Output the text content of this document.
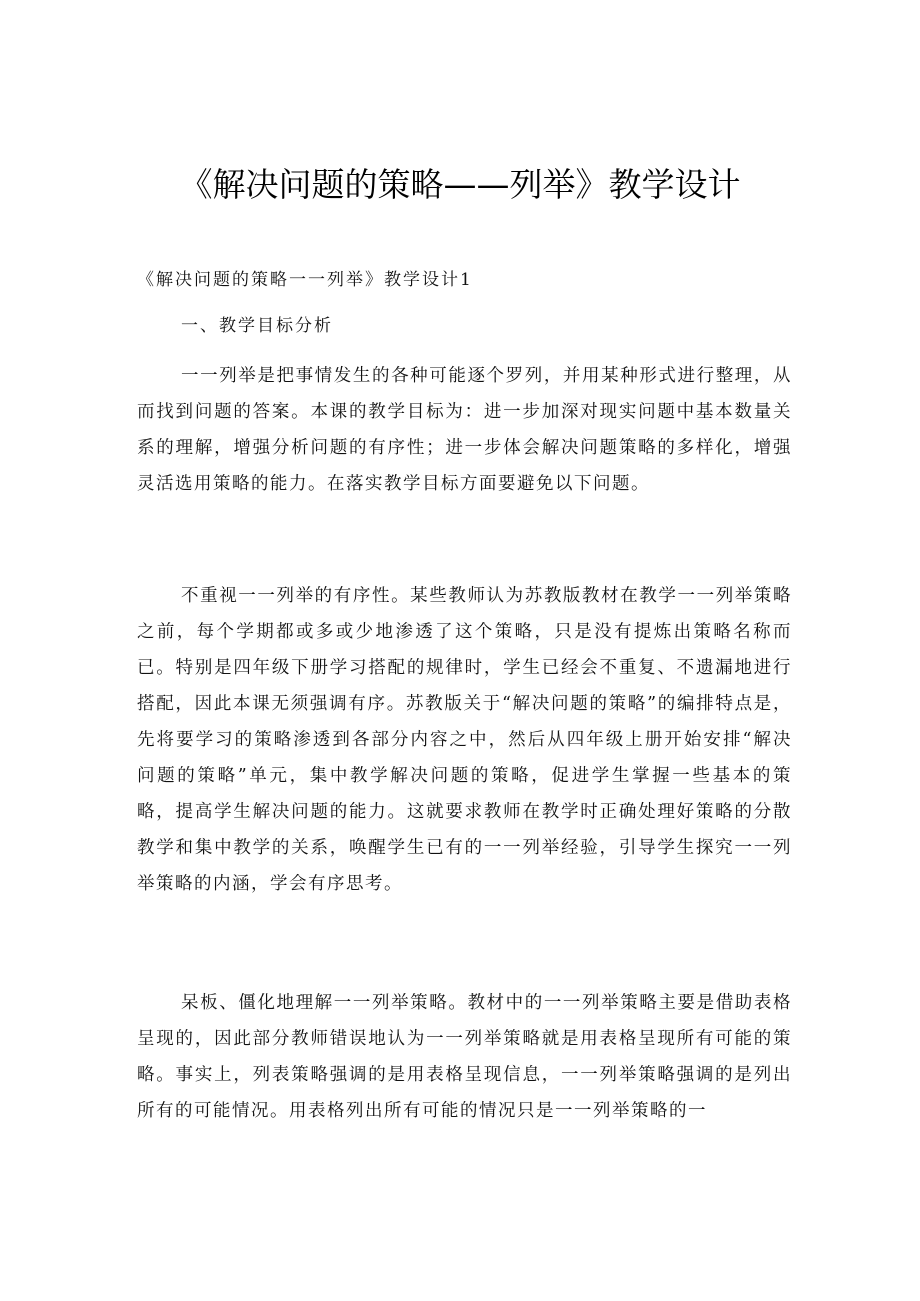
《解决问题的策略——列举》教学设计

《解决问题的策略一一列举》教学设计1

一、教学目标分析

一一列举是把事情发生的各种可能逐个罗列，并用某种形式进行整理，从而找到问题的答案。本课的教学目标为：进一步加深对现实问题中基本数量关系的理解，增强分析问题的有序性；进一步体会解决问题策略的多样化，增强灵活选用策略的能力。在落实教学目标方面要避免以下问题。

不重视一一列举的有序性。某些教师认为苏教版教材在教学一一列举策略之前，每个学期都或多或少地渗透了这个策略，只是没有提炼出策略名称而已。特别是四年级下册学习搭配的规律时，学生已经会不重复、不遗漏地进行搭配，因此本课无须强调有序。苏教版关于“解决问题的策略”的编排特点是，先将要学习的策略渗透到各部分内容之中，然后从四年级上册开始安排“解决问题的策略”单元，集中教学解决问题的策略，促进学生掌握一些基本的策略，提高学生解决问题的能力。这就要求教师在教学时正确处理好策略的分散教学和集中教学的关系，唤醒学生已有的一一列举经验，引导学生探究一一列举策略的内涵，学会有序思考。

呆板、僵化地理解一一列举策略。教材中的一一列举策略主要是借助表格呈现的，因此部分教师错误地认为一一列举策略就是用表格呈现所有可能的策略。事实上，列表策略强调的是用表格呈现信息，一一列举策略强调的是列出所有的可能情况。用表格列出所有可能的情况只是一一列举策略的一
